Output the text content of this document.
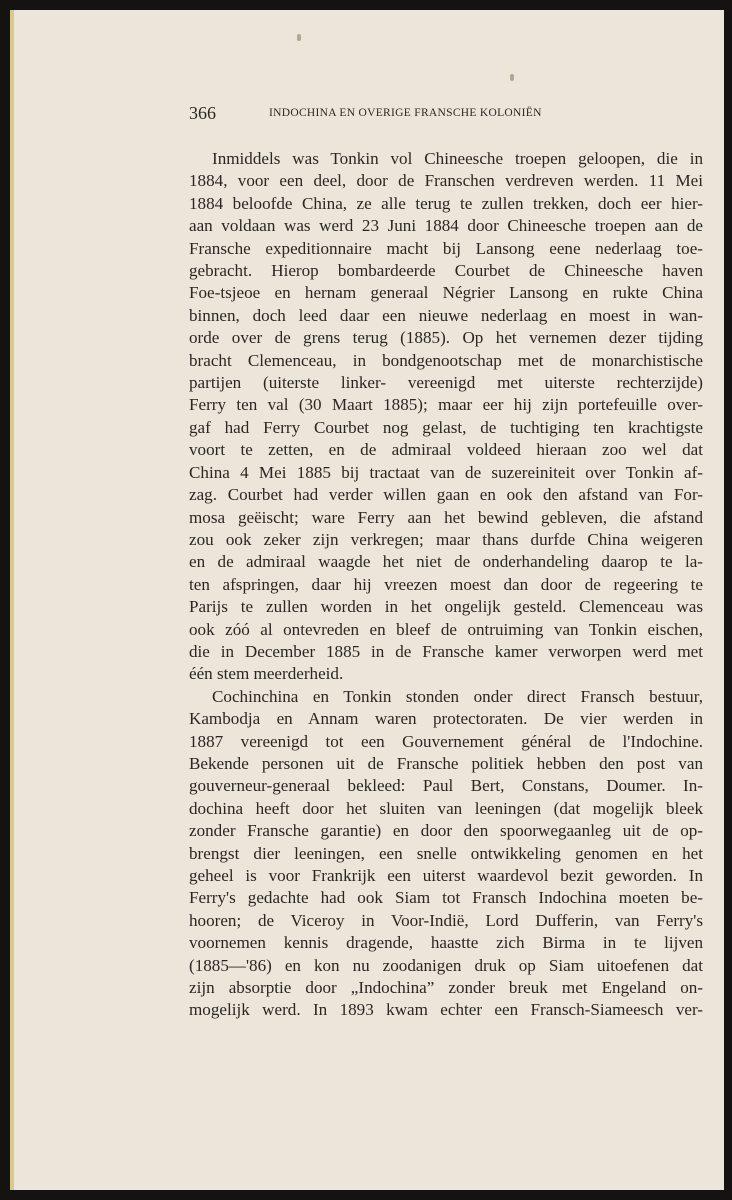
366	INDOCHINA EN OVERIGE FRANSCHE KOLONIËN

Inmiddels was Tonkin vol Chineesche troepen geloopen, die in
1884, voor een deel, door de Franschen verdreven werden. 11 Mei
1884 beloofde China, ze alle terug te zullen trekken, doch eer hier-
aan voldaan was werd 23 Juni 1884 door Chineesche troepen aan de
Fransche expeditionnaire macht bij Lansong eene nederlaag toe-
gebracht. Hierop bombardeerde Courbet de Chineesche haven
Foe-tsjeoe en hernam generaal Négrier Lansong en rukte China
binnen, doch leed daar een nieuwe nederlaag en moest in wan-
orde over de grens terug (1885). Op het vernemen dezer tijding
bracht Clemenceau, in bondgenootschap met de monarchistische
partijen (uiterste linker- vereenigd met uiterste rechterzijde)
Ferry ten val (30 Maart 1885); maar eer hij zijn portefeuille over-
gaf had Ferry Courbet nog gelast, de tuchtiging ten krachtigste
voort te zetten, en de admiraal voldeed hieraan zoo wel dat
China 4 Mei 1885 bij tractaat van de suzereiniteit over Tonkin af-
zag. Courbet had verder willen gaan en ook den afstand van For-
mosa geëischt; ware Ferry aan het bewind gebleven, die afstand
zou ook zeker zijn verkregen; maar thans durfde China weigeren
en de admiraal waagde het niet de onderhandeling daarop te la-
ten afspringen, daar hij vreezen moest dan door de regeering te
Parijs te zullen worden in het ongelijk gesteld. Clemenceau was
ook zóó al ontevreden en bleef de ontruiming van Tonkin eischen,
die in December 1885 in de Fransche kamer verworpen werd met
één stem meerderheid.

Cochinchina en Tonkin stonden onder direct Fransch bestuur,
Kambodja en Annam waren protectoraten. De vier werden in
1887 vereenigd tot een Gouvernement général de l'Indochine.
Bekende personen uit de Fransche politiek hebben den post van
gouverneur-generaal bekleed: Paul Bert, Constans, Doumer. In-
dochina heeft door het sluiten van leeningen (dat mogelijk bleek
zonder Fransche garantie) en door den spoorwegaanleg uit de op-
brengst dier leeningen, een snelle ontwikkeling genomen en het
geheel is voor Frankrijk een uiterst waardevol bezit geworden. In
Ferry's gedachte had ook Siam tot Fransch Indochina moeten be-
hooren; de Viceroy in Voor-Indië, Lord Dufferin, van Ferry's
voornemen kennis dragende, haastte zich Birma in te lijven
(1885—'86) en kon nu zoodanigen druk op Siam uitoefenen dat
zijn absorptie door „Indochina” zonder breuk met Engeland on-
mogelijk werd. In 1893 kwam echter een Fransch-Siameesch ver-
